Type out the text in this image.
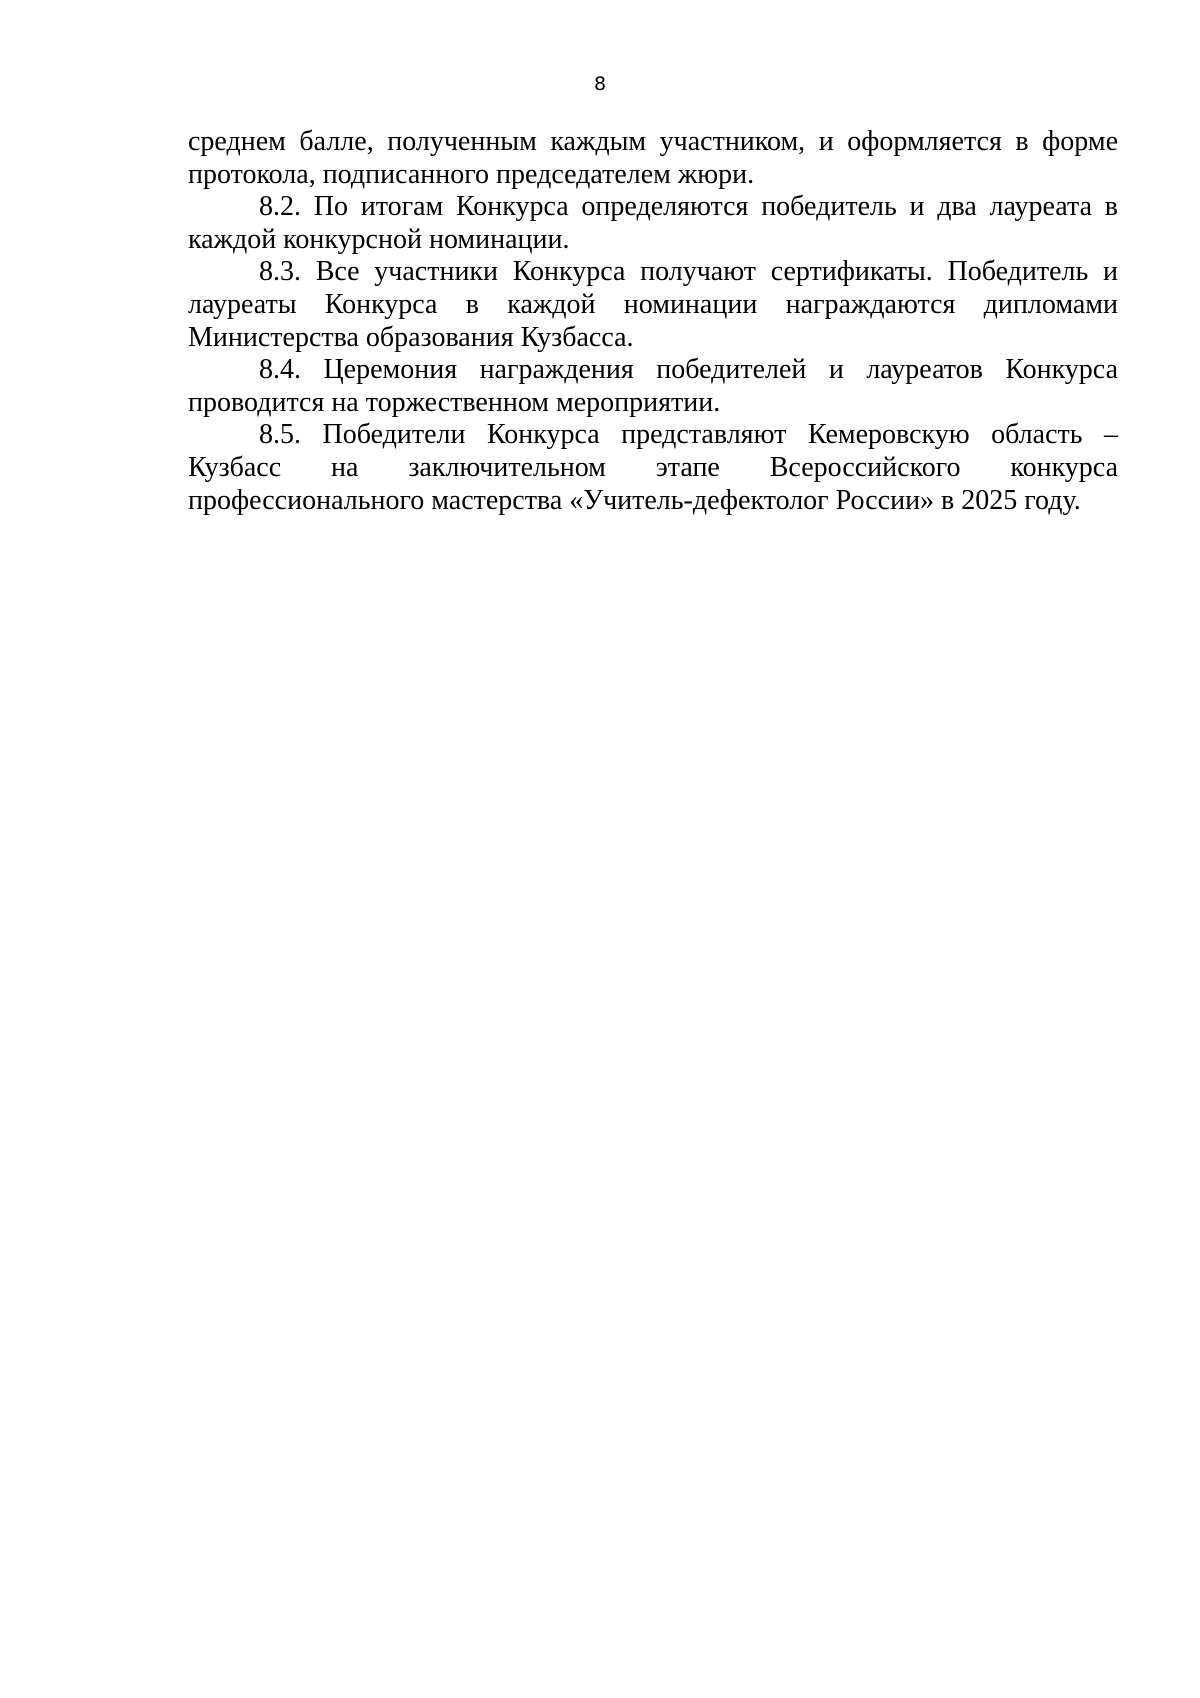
8

среднем балле, полученным каждым участником, и оформляется в форме протокола, подписанного председателем жюри.

8.2. По итогам Конкурса определяются победитель и два лауреата в каждой конкурсной номинации.

8.3. Все участники Конкурса получают сертификаты. Победитель и лауреаты Конкурса в каждой номинации награждаются дипломами Министерства образования Кузбасса.

8.4. Церемония награждения победителей и лауреатов Конкурса проводится на торжественном мероприятии.

8.5. Победители Конкурса представляют Кемеровскую область –

Кузбасс на заключительном этапе Всероссийского конкурса

профессионального мастерства «Учитель-дефектолог России» в 2025 году.
